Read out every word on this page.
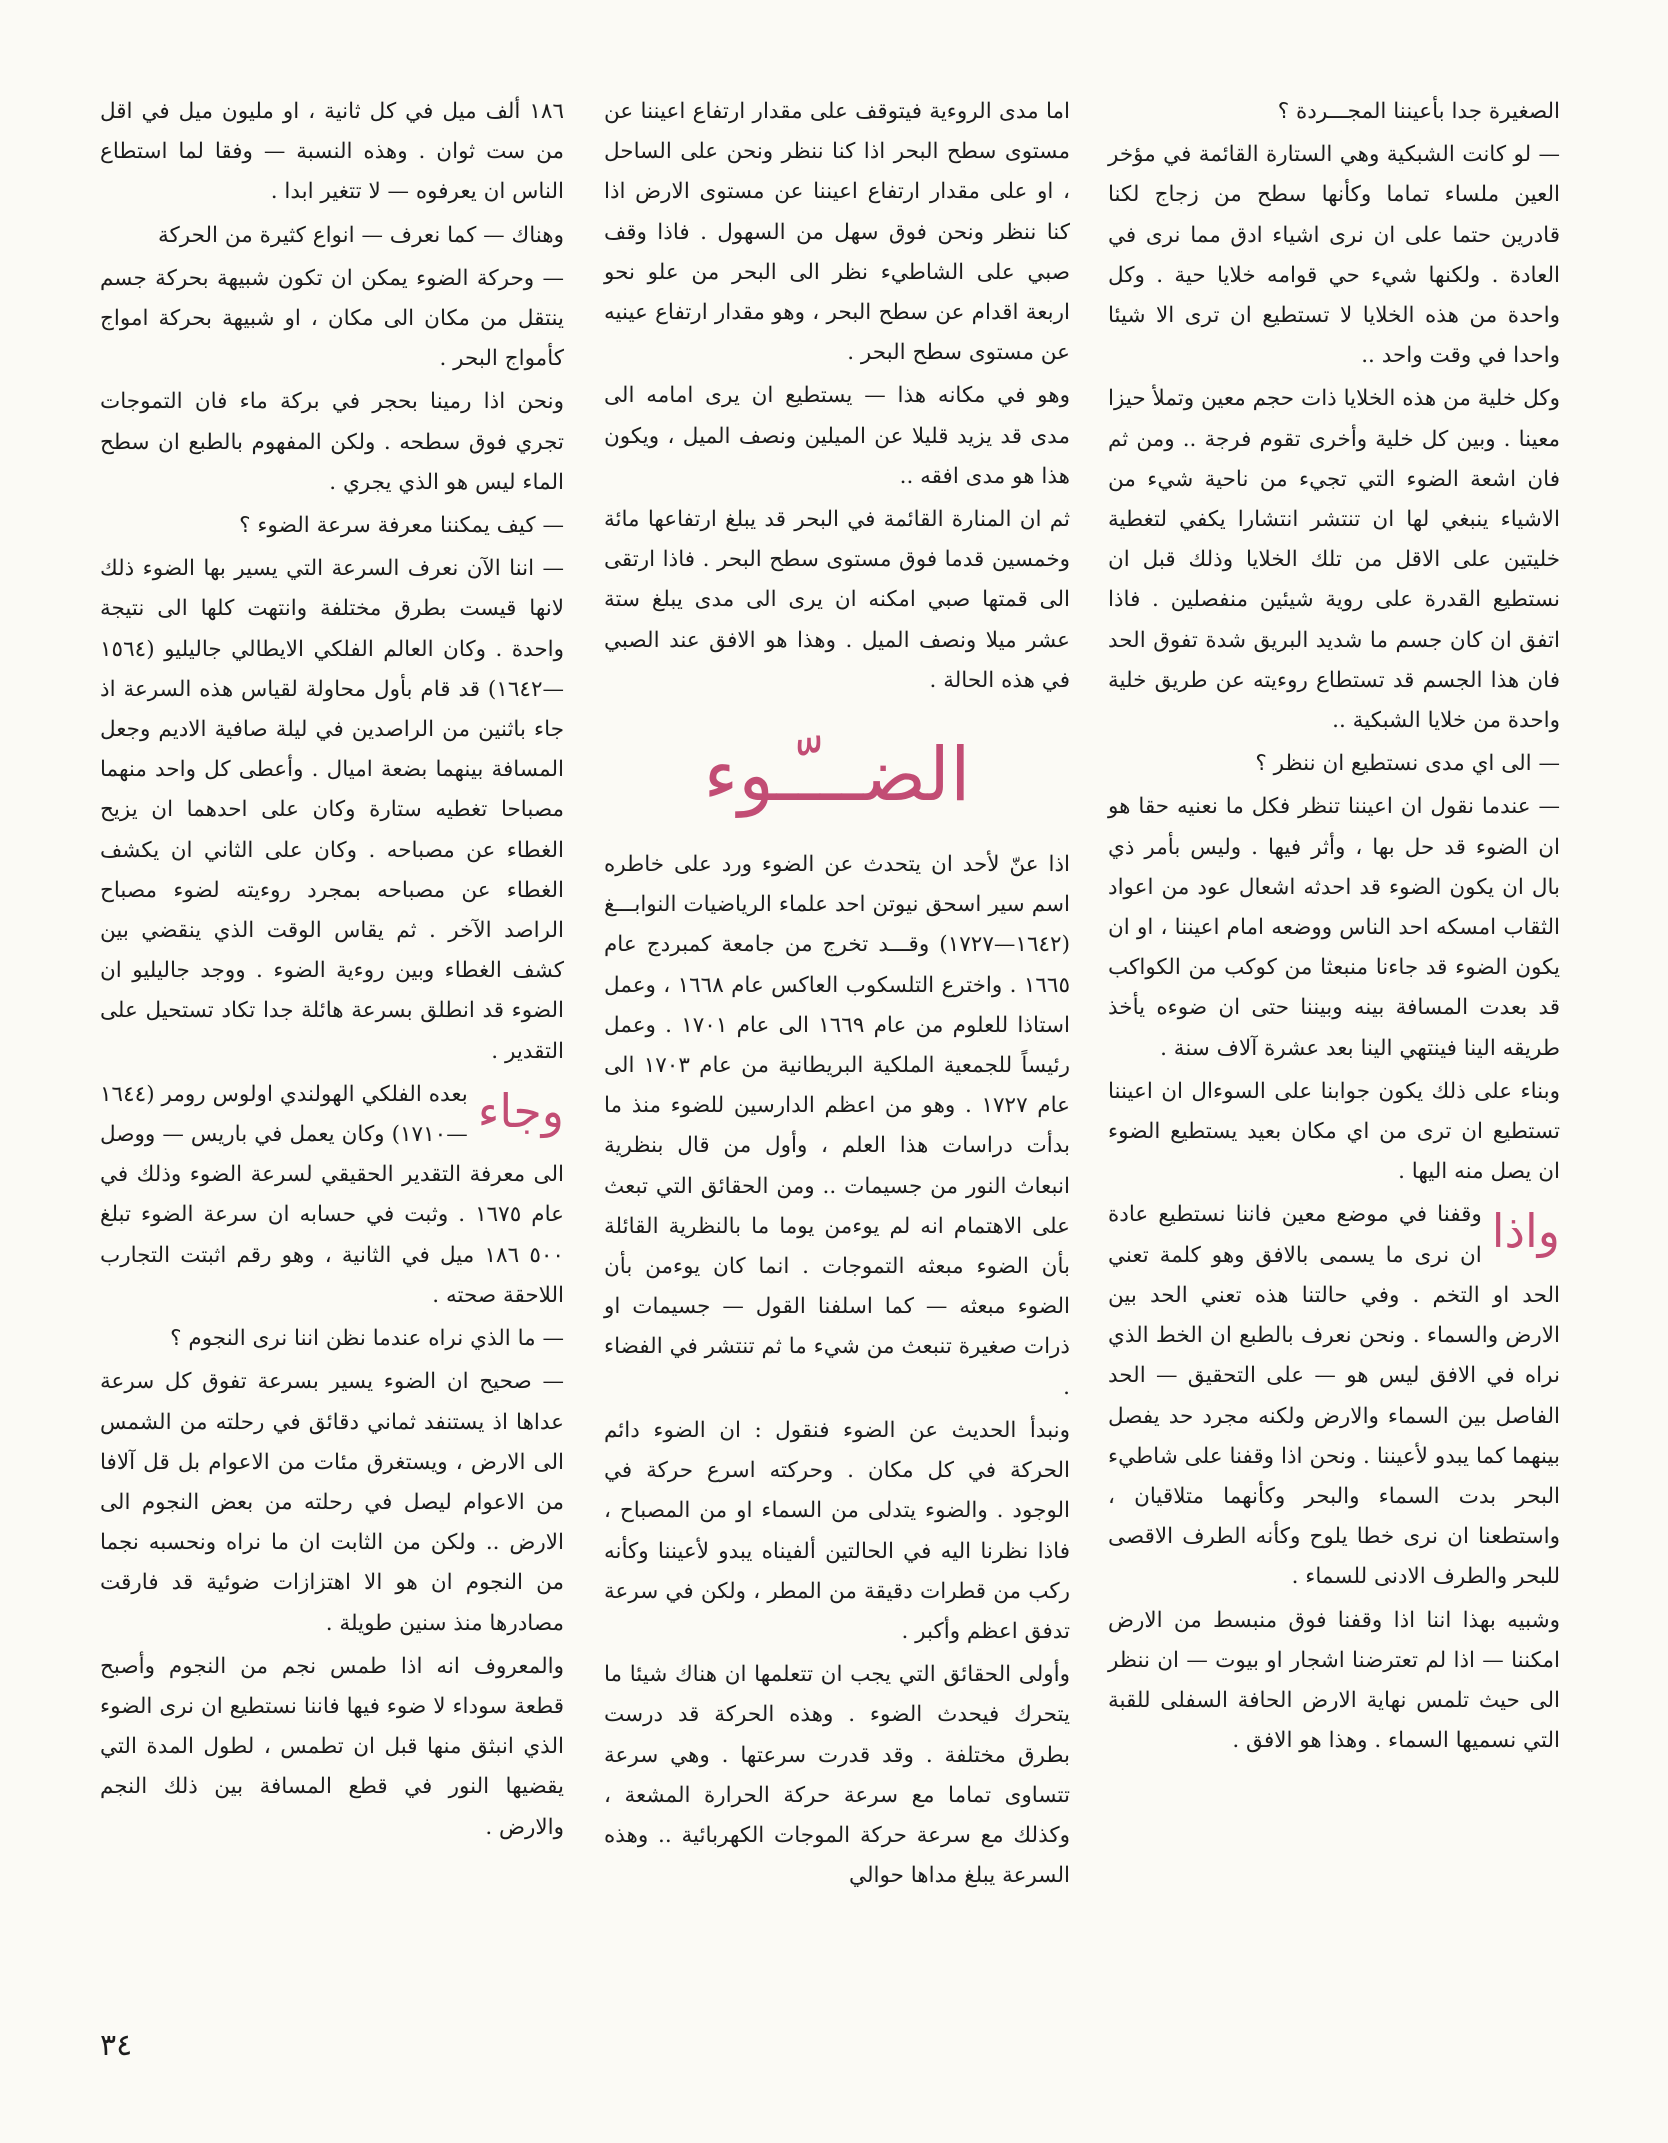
الصغيرة جدا بأعيننا المجـــردة ؟

— لو كانت الشبكية وهي الستارة القائمة في مؤخر العين ملساء تماما وكأنها سطح من زجاج لكنا قادرين حتما على ان نرى اشياء ادق مما نرى في العادة . ولكنها شيء حي قوامه خلايا حية . وكل واحدة من هذه الخلايا لا تستطيع ان ترى الا شيئا واحدا في وقت واحد ..

وكل خلية من هذه الخلايا ذات حجم معين وتملأ حيزا معينا . وبين كل خلية وأخرى تقوم فرجة .. ومن ثم فان اشعة الضوء التي تجيء من ناحية شيء من الاشياء ينبغي لها ان تنتشر انتشارا يكفي لتغطية خليتين على الاقل من تلك الخلايا وذلك قبل ان نستطيع القدرة على روية شيئين منفصلين . فاذا اتفق ان كان جسم ما شديد البريق شدة تفوق الحد فان هذا الجسم قد تستطاع روءيته عن طريق خلية واحدة من خلايا الشبكية ..

— الى اي مدى نستطيع ان ننظر ؟

— عندما نقول ان اعيننا تنظر فكل ما نعنيه حقا هو ان الضوء قد حل بها ، وأثر فيها . وليس بأمر ذي بال ان يكون الضوء قد احدثه اشعال عود من اعواد الثقاب امسكه احد الناس ووضعه امام اعيننا ، او ان يكون الضوء قد جاءنا منبعثا من كوكب من الكواكب قد بعدت المسافة بينه وبيننا حتى ان ضوءه يأخذ طريقه الينا فينتهي الينا بعد عشرة آلاف سنة .

وبناء على ذلك يكون جوابنا على السوءال ان اعيننا تستطيع ان ترى من اي مكان بعيد يستطيع الضوء ان يصل منه اليها .

واذا
وقفنا في موضع معين فاننا نستطيع عادة ان نرى ما يسمى بالافق وهو كلمة تعني الحد او التخم . وفي حالتنا هذه تعني الحد بين الارض والسماء . ونحن نعرف بالطبع ان الخط الذي نراه في الافق ليس هو — على التحقيق — الحد الفاصل بين السماء والارض ولكنه مجرد حد يفصل بينهما كما يبدو لأعيننا . ونحن اذا وقفنا على شاطيء البحر بدت السماء والبحر وكأنهما متلاقيان ، واستطعنا ان نرى خطا يلوح وكأنه الطرف الاقصى للبحر والطرف الادنى للسماء .

وشبيه بهذا اننا اذا وقفنا فوق منبسط من الارض امكننا — اذا لم تعترضنا اشجار او بيوت — ان ننظر الى حيث تلمس نهاية الارض الحافة السفلى للقبة التي نسميها السماء . وهذا هو الافق .

اما مدى الروءية فيتوقف على مقدار ارتفاع اعيننا عن مستوى سطح البحر اذا كنا ننظر ونحن على الساحل ، او على مقدار ارتفاع اعيننا عن مستوى الارض اذا كنا ننظر ونحن فوق سهل من السهول . فاذا وقف صبي على الشاطيء نظر الى البحر من علو نحو اربعة اقدام عن سطح البحر ، وهو مقدار ارتفاع عينيه عن مستوى سطح البحر .

وهو في مكانه هذا — يستطيع ان يرى امامه الى مدى قد يزيد قليلا عن الميلين ونصف الميل ، ويكون هذا هو مدى افقه ..

ثم ان المنارة القائمة في البحر قد يبلغ ارتفاعها مائة وخمسين قدما فوق مستوى سطح البحر . فاذا ارتقى الى قمتها صبي امكنه ان يرى الى مدى يبلغ ستة عشر ميلا ونصف الميل . وهذا هو الافق عند الصبي في هذه الحالة .

الضـــّـوء

اذا عنّ لأحد ان يتحدث عن الضوء ورد على خاطره اسم سير اسحق نيوتن احد علماء الرياضيات النوابـــغ (١٦٤٢—١٧٢٧) وقـــد تخرج من جامعة كمبردج عام ١٦٦٥ . واخترع التلسكوب العاكس عام ١٦٦٨ ، وعمل استاذا للعلوم من عام ١٦٦٩ الى عام ١٧٠١ . وعمل رئيساً للجمعية الملكية البريطانية من عام ١٧٠٣ الى عام ١٧٢٧ . وهو من اعظم الدارسين للضوء منذ ما بدأت دراسات هذا العلم ، وأول من قال بنظرية انبعاث النور من جسيمات .. ومن الحقائق التي تبعث على الاهتمام انه لم يوءمن يوما ما بالنظرية القائلة بأن الضوء مبعثه التموجات . انما كان يوءمن بأن الضوء مبعثه — كما اسلفنا القول — جسيمات او ذرات صغيرة تنبعث من شيء ما ثم تنتشر في الفضاء .

ونبدأ الحديث عن الضوء فنقول : ان الضوء دائم الحركة في كل مكان . وحركته اسرع حركة في الوجود . والضوء يتدلى من السماء او من المصباح ، فاذا نظرنا اليه في الحالتين ألفيناه يبدو لأعيننا وكأنه ركب من قطرات دقيقة من المطر ، ولكن في سرعة تدفق اعظم وأكبر .

وأولى الحقائق التي يجب ان تتعلمها ان هناك شيئا ما يتحرك فيحدث الضوء . وهذه الحركة قد درست بطرق مختلفة . وقد قدرت سرعتها . وهي سرعة تتساوى تماما مع سرعة حركة الحرارة المشعة ، وكذلك مع سرعة حركة الموجات الكهربائية .. وهذه السرعة يبلغ مداها حوالي

١٨٦ ألف ميل في كل ثانية ، او مليون ميل في اقل من ست ثوان . وهذه النسبة — وفقا لما استطاع الناس ان يعرفوه — لا تتغير ابدا .

وهناك — كما نعرف — انواع كثيرة من الحركة

— وحركة الضوء يمكن ان تكون شبيهة بحركة جسم ينتقل من مكان الى مكان ، او شبيهة بحركة امواج كأمواج البحر .

ونحن اذا رمينا بحجر في بركة ماء فان التموجات تجري فوق سطحه . ولكن المفهوم بالطبع ان سطح الماء ليس هو الذي يجري .

— كيف يمكننا معرفة سرعة الضوء ؟

— اننا الآن نعرف السرعة التي يسير بها الضوء ذلك لانها قيست بطرق مختلفة وانتهت كلها الى نتيجة واحدة . وكان العالم الفلكي الايطالي جاليليو (١٥٦٤—١٦٤٢) قد قام بأول محاولة لقياس هذه السرعة اذ جاء باثنين من الراصدين في ليلة صافية الاديم وجعل المسافة بينهما بضعة اميال . وأعطى كل واحد منهما مصباحا تغطيه ستارة وكان على احدهما ان يزيح الغطاء عن مصباحه . وكان على الثاني ان يكشف الغطاء عن مصباحه بمجرد روءيته لضوء مصباح الراصد الآخر . ثم يقاس الوقت الذي ينقضي بين كشف الغطاء وبين روءية الضوء . ووجد جاليليو ان الضوء قد انطلق بسرعة هائلة جدا تكاد تستحيل على التقدير .

وجاء
بعده الفلكي الهولندي اولوس رومر (١٦٤٤—١٧١٠) وكان يعمل في باريس — ووصل الى معرفة التقدير الحقيقي لسرعة الضوء وذلك في عام ١٦٧٥ . وثبت في حسابه ان سرعة الضوء تبلغ ٥٠٠ ١٨٦ ميل في الثانية ، وهو رقم اثبتت التجارب اللاحقة صحته .

— ما الذي نراه عندما نظن اننا نرى النجوم ؟

— صحيح ان الضوء يسير بسرعة تفوق كل سرعة عداها اذ يستنفد ثماني دقائق في رحلته من الشمس الى الارض ، ويستغرق مئات من الاعوام بل قل آلافا من الاعوام ليصل في رحلته من بعض النجوم الى الارض .. ولكن من الثابت ان ما نراه ونحسبه نجما من النجوم ان هو الا اهتزازات ضوئية قد فارقت مصادرها منذ سنين طويلة .

والمعروف انه اذا طمس نجم من النجوم وأصبح قطعة سوداء لا ضوء فيها فاننا نستطيع ان نرى الضوء الذي انبثق منها قبل ان تطمس ، لطول المدة التي يقضيها النور في قطع المسافة بين ذلك النجم والارض .

٣٤
